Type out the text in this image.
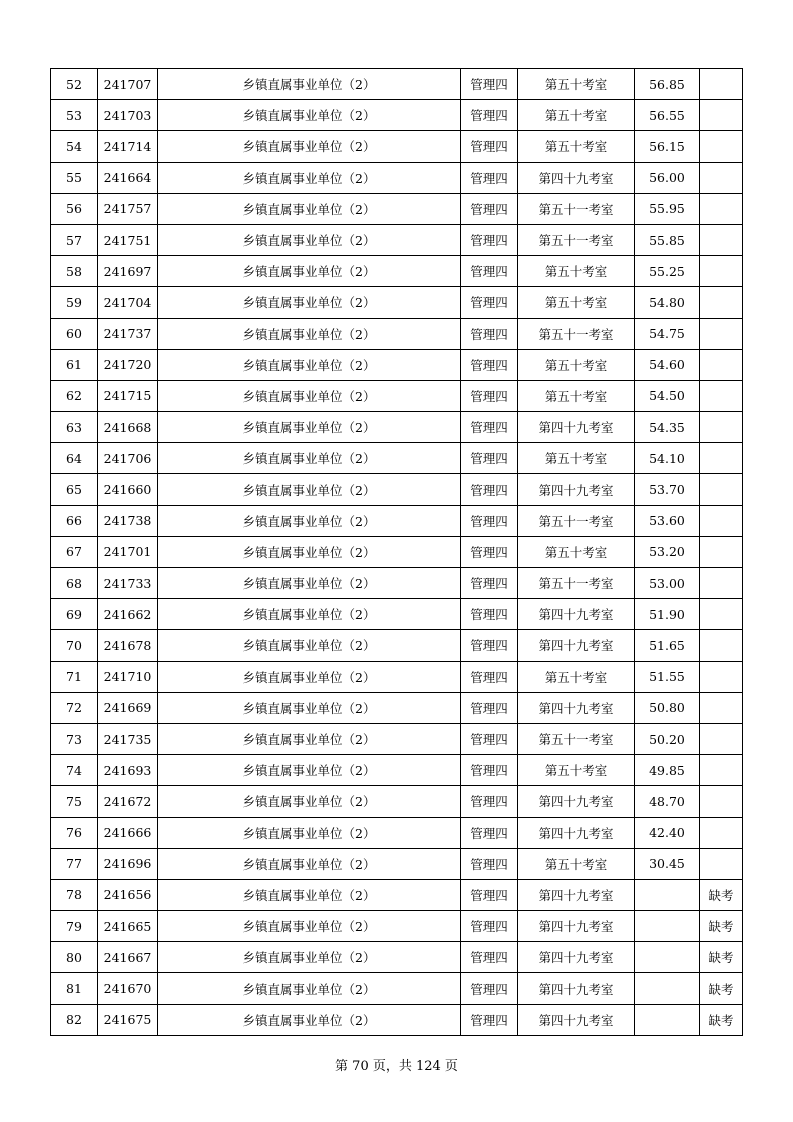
52	241707	乡镇直属事业单位（2）	管理四	第五十考室	56.85	
53	241703	乡镇直属事业单位（2）	管理四	第五十考室	56.55	
54	241714	乡镇直属事业单位（2）	管理四	第五十考室	56.15	
55	241664	乡镇直属事业单位（2）	管理四	第四十九考室	56.00	
56	241757	乡镇直属事业单位（2）	管理四	第五十一考室	55.95	
57	241751	乡镇直属事业单位（2）	管理四	第五十一考室	55.85	
58	241697	乡镇直属事业单位（2）	管理四	第五十考室	55.25	
59	241704	乡镇直属事业单位（2）	管理四	第五十考室	54.80	
60	241737	乡镇直属事业单位（2）	管理四	第五十一考室	54.75	
61	241720	乡镇直属事业单位（2）	管理四	第五十考室	54.60	
62	241715	乡镇直属事业单位（2）	管理四	第五十考室	54.50	
63	241668	乡镇直属事业单位（2）	管理四	第四十九考室	54.35	
64	241706	乡镇直属事业单位（2）	管理四	第五十考室	54.10	
65	241660	乡镇直属事业单位（2）	管理四	第四十九考室	53.70	
66	241738	乡镇直属事业单位（2）	管理四	第五十一考室	53.60	
67	241701	乡镇直属事业单位（2）	管理四	第五十考室	53.20	
68	241733	乡镇直属事业单位（2）	管理四	第五十一考室	53.00	
69	241662	乡镇直属事业单位（2）	管理四	第四十九考室	51.90	
70	241678	乡镇直属事业单位（2）	管理四	第四十九考室	51.65	
71	241710	乡镇直属事业单位（2）	管理四	第五十考室	51.55	
72	241669	乡镇直属事业单位（2）	管理四	第四十九考室	50.80	
73	241735	乡镇直属事业单位（2）	管理四	第五十一考室	50.20	
74	241693	乡镇直属事业单位（2）	管理四	第五十考室	49.85	
75	241672	乡镇直属事业单位（2）	管理四	第四十九考室	48.70	
76	241666	乡镇直属事业单位（2）	管理四	第四十九考室	42.40	
77	241696	乡镇直属事业单位（2）	管理四	第五十考室	30.45	
78	241656	乡镇直属事业单位（2）	管理四	第四十九考室		缺考
79	241665	乡镇直属事业单位（2）	管理四	第四十九考室		缺考
80	241667	乡镇直属事业单位（2）	管理四	第四十九考室		缺考
81	241670	乡镇直属事业单位（2）	管理四	第四十九考室		缺考
82	241675	乡镇直属事业单位（2）	管理四	第四十九考室		缺考
第 70 页，共 124 页
